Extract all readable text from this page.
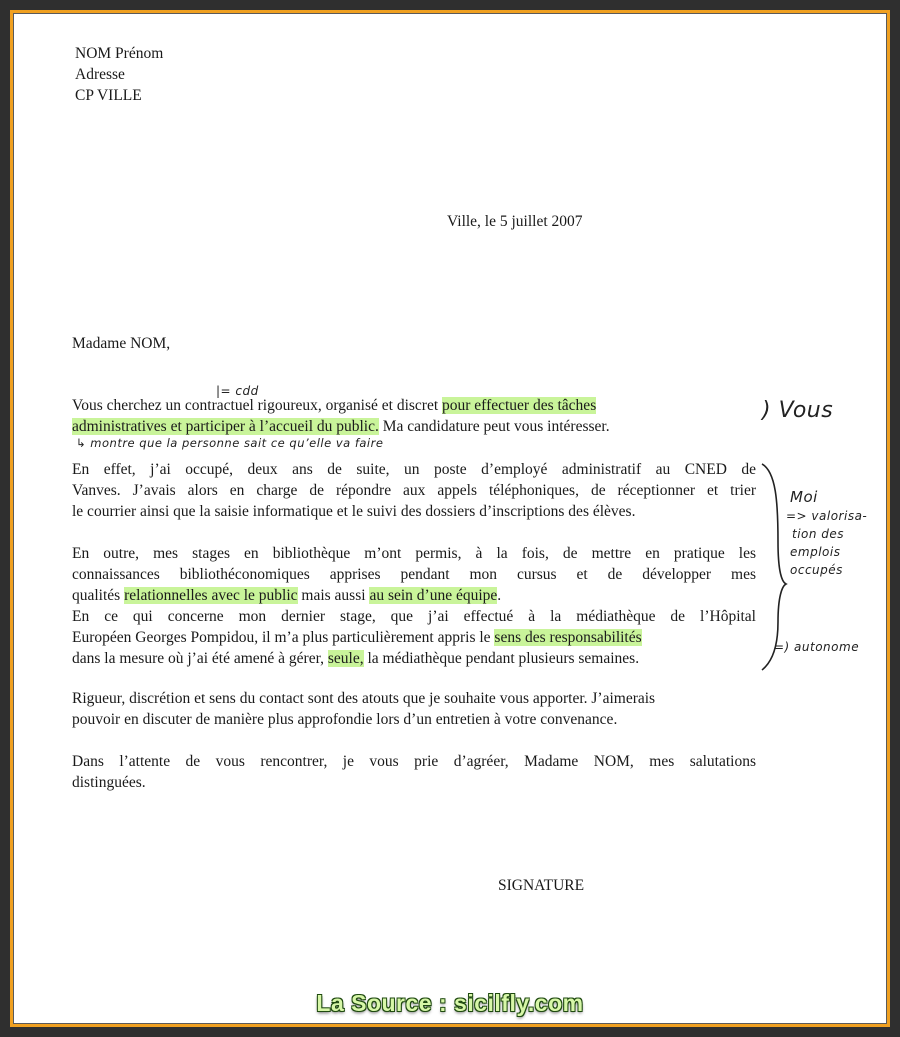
NOM Prénom

Adresse

CP VILLE

Ville, le 5 juillet 2007

Madame NOM,

Vous cherchez un contractuel rigoureux, organisé et discret pour effectuer des tâches
administratives et participer à l’accueil du public. Ma candidature peut vous intéresser.

En effet, j’ai occupé, deux ans de suite, un poste d’employé administratif au CNED de

Vanves. J’avais alors en charge de répondre aux appels téléphoniques, de réceptionner et trier

le courrier ainsi que la saisie informatique et le suivi des dossiers d’inscriptions des élèves.

En outre, mes stages en bibliothèque m’ont permis, à la fois, de mettre en pratique les

connaissances bibliothéconomiques apprises pendant mon cursus et de développer mes

qualités relationnelles avec le public mais aussi au sein d’une équipe.

En ce qui concerne mon dernier stage, que j’ai effectué à la médiathèque de l’Hôpital

Européen Georges Pompidou, il m’a plus particulièrement appris le sens des responsabilités
dans la mesure où j’ai été amené à gérer, seule, la médiathèque pendant plusieurs semaines.

Rigueur, discrétion et sens du contact sont des atouts que je souhaite vous apporter. J’aimerais

pouvoir en discuter de manière plus approfondie lors d’un entretien à votre convenance.

Dans l’attente de vous rencontrer, je vous prie d’agréer, Madame NOM, mes salutations

distinguées.

SIGNATURE

|= cdd
↳ montre que la personne sait ce qu’elle va faire
) Vous
Moi
=> valorisa-
tion des
emplois
occupés
=) autonome
La Source : sicilfly.com
